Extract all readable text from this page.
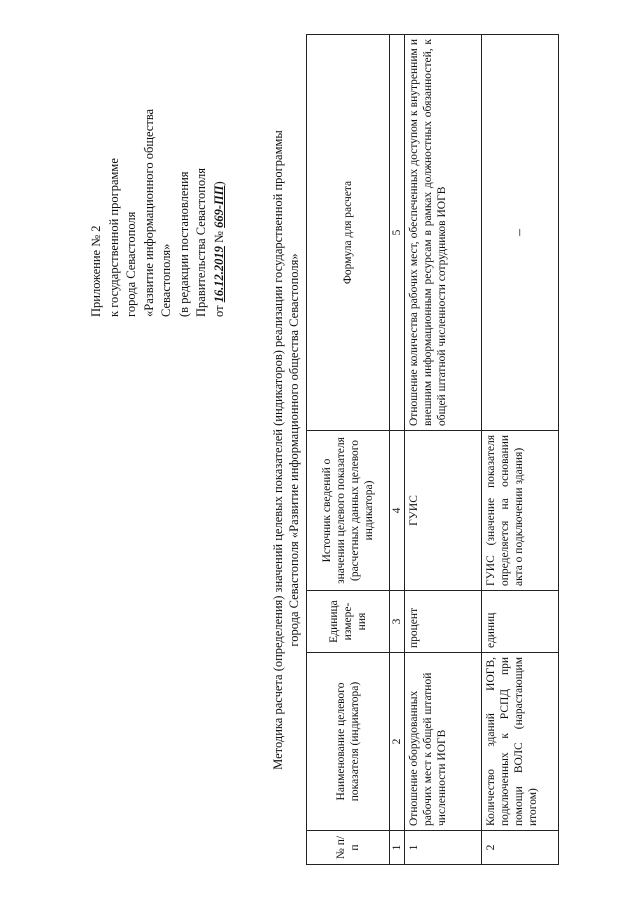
Приложение № 2 к государственной программе города Севастополя «Развитие информационного общества Севастополя» (в редакции постановления Правительства Севастополя от 16.12.2019 № 669-ПП)	Методика расчета (определения) значений целевых показателей (индикаторов) реализации государственной программы города Севастополя «Развитие информационного общества Севастополя»
№ п/п	Наименование целевого показателя (индикатора)	Единица измере-ния	Источник сведений о значении целевого показателя (расчетных данных целевого индикатора)	Формула для расчета
1	2	3	4	5
1	Отношение оборудованных рабочих мест к общей штатной численности ИОГВ	процент	ГУИС	Отношение количества рабочих мест, обеспеченных доступом к внутренним и внешним информационным ресурсам в рамках должностных обязанностей, к общей штатной численности сотрудников ИОГВ
2	Количество зданий ИОГВ, подключенных к РСПД при помощи ВОЛС (нарастающим итогом)	единиц	ГУИС (значение показателя определяется на основании акта о подключении здания)	–
